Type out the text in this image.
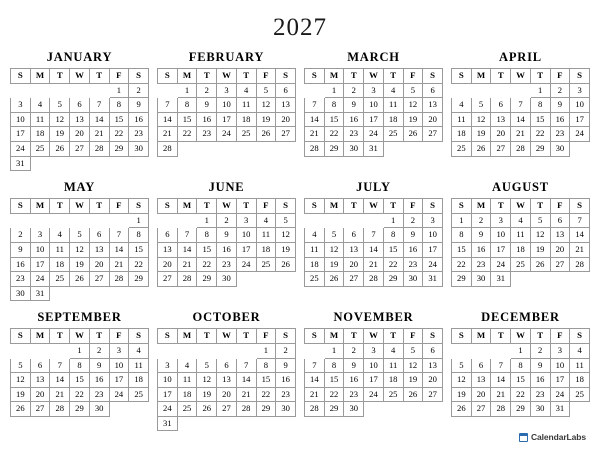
2027
JANUARY
S	M	T	W	T	F	S
					1	2
3	4	5	6	7	8	9
10	11	12	13	14	15	16
17	18	19	20	21	22	23
24	25	26	27	28	29	30
31						
FEBRUARY
S	M	T	W	T	F	S
	1	2	3	4	5	6
7	8	9	10	11	12	13
14	15	16	17	18	19	20
21	22	23	24	25	26	27
28						
MARCH
S	M	T	W	T	F	S
	1	2	3	4	5	6
7	8	9	10	11	12	13
14	15	16	17	18	19	20
21	22	23	24	25	26	27
28	29	30	31			
APRIL
S	M	T	W	T	F	S
				1	2	3
4	5	6	7	8	9	10
11	12	13	14	15	16	17
18	19	20	21	22	23	24
25	26	27	28	29	30	
MAY
S	M	T	W	T	F	S
						1
2	3	4	5	6	7	8
9	10	11	12	13	14	15
16	17	18	19	20	21	22
23	24	25	26	27	28	29
30	31					
JUNE
S	M	T	W	T	F	S
		1	2	3	4	5
6	7	8	9	10	11	12
13	14	15	16	17	18	19
20	21	22	23	24	25	26
27	28	29	30			
JULY
S	M	T	W	T	F	S
				1	2	3
4	5	6	7	8	9	10
11	12	13	14	15	16	17
18	19	20	21	22	23	24
25	26	27	28	29	30	31
AUGUST
S	M	T	W	T	F	S
1	2	3	4	5	6	7
8	9	10	11	12	13	14
15	16	17	18	19	20	21
22	23	24	25	26	27	28
29	30	31				
SEPTEMBER
S	M	T	W	T	F	S
			1	2	3	4
5	6	7	8	9	10	11
12	13	14	15	16	17	18
19	20	21	22	23	24	25
26	27	28	29	30		
OCTOBER
S	M	T	W	T	F	S
					1	2
3	4	5	6	7	8	9
10	11	12	13	14	15	16
17	18	19	20	21	22	23
24	25	26	27	28	29	30
31						
NOVEMBER
S	M	T	W	T	F	S
	1	2	3	4	5	6
7	8	9	10	11	12	13
14	15	16	17	18	19	20
21	22	23	24	25	26	27
28	29	30				
DECEMBER
S	M	T	W	T	F	S
			1	2	3	4
5	6	7	8	9	10	11
12	13	14	15	16	17	18
19	20	21	22	23	24	25
26	27	28	29	30	31	
CalendarLabs
